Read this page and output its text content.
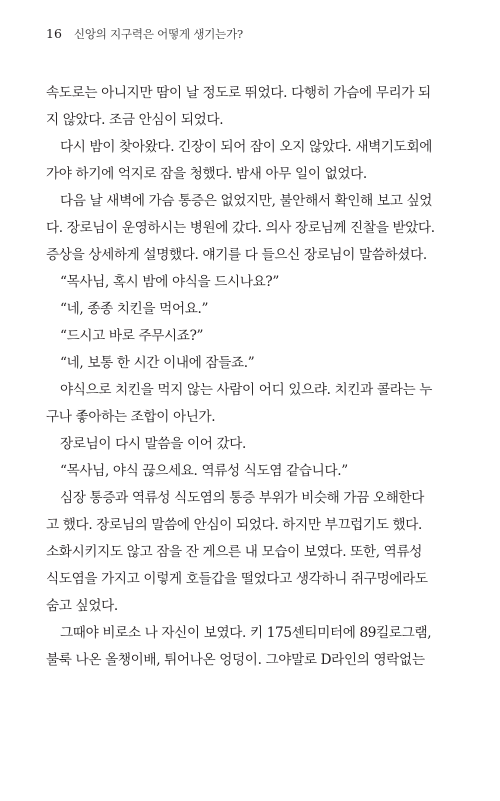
16 신앙의 지구력은 어떻게 생기는가?
속도로는 아니지만 땀이 날 정도로 뛰었다. 다행히 가슴에 무리가 되
지 않았다. 조금 안심이 되었다.
다시 밤이 찾아왔다. 긴장이 되어 잠이 오지 않았다. 새벽기도회에
가야 하기에 억지로 잠을 청했다. 밤새 아무 일이 없었다.
다음 날 새벽에 가슴 통증은 없었지만, 불안해서 확인해 보고 싶었
다. 장로님이 운영하시는 병원에 갔다. 의사 장로님께 진찰을 받았다.
증상을 상세하게 설명했다. 얘기를 다 들으신 장로님이 말씀하셨다.
“목사님, 혹시 밤에 야식을 드시나요?”
“네, 종종 치킨을 먹어요.”
“드시고 바로 주무시죠?”
“네, 보통 한 시간 이내에 잠들죠.”
야식으로 치킨을 먹지 않는 사람이 어디 있으랴. 치킨과 콜라는 누
구나 좋아하는 조합이 아닌가.
장로님이 다시 말씀을 이어 갔다.
“목사님, 야식 끊으세요. 역류성 식도염 같습니다.”
심장 통증과 역류성 식도염의 통증 부위가 비슷해 가끔 오해한다
고 했다. 장로님의 말씀에 안심이 되었다. 하지만 부끄럽기도 했다.
소화시키지도 않고 잠을 잔 게으른 내 모습이 보였다. 또한, 역류성
식도염을 가지고 이렇게 호들갑을 떨었다고 생각하니 쥐구멍에라도
숨고 싶었다.
그때야 비로소 나 자신이 보였다. 키 175센티미터에 89킬로그램,
불룩 나온 올챙이배, 튀어나온 엉덩이. 그야말로 D라인의 영락없는
